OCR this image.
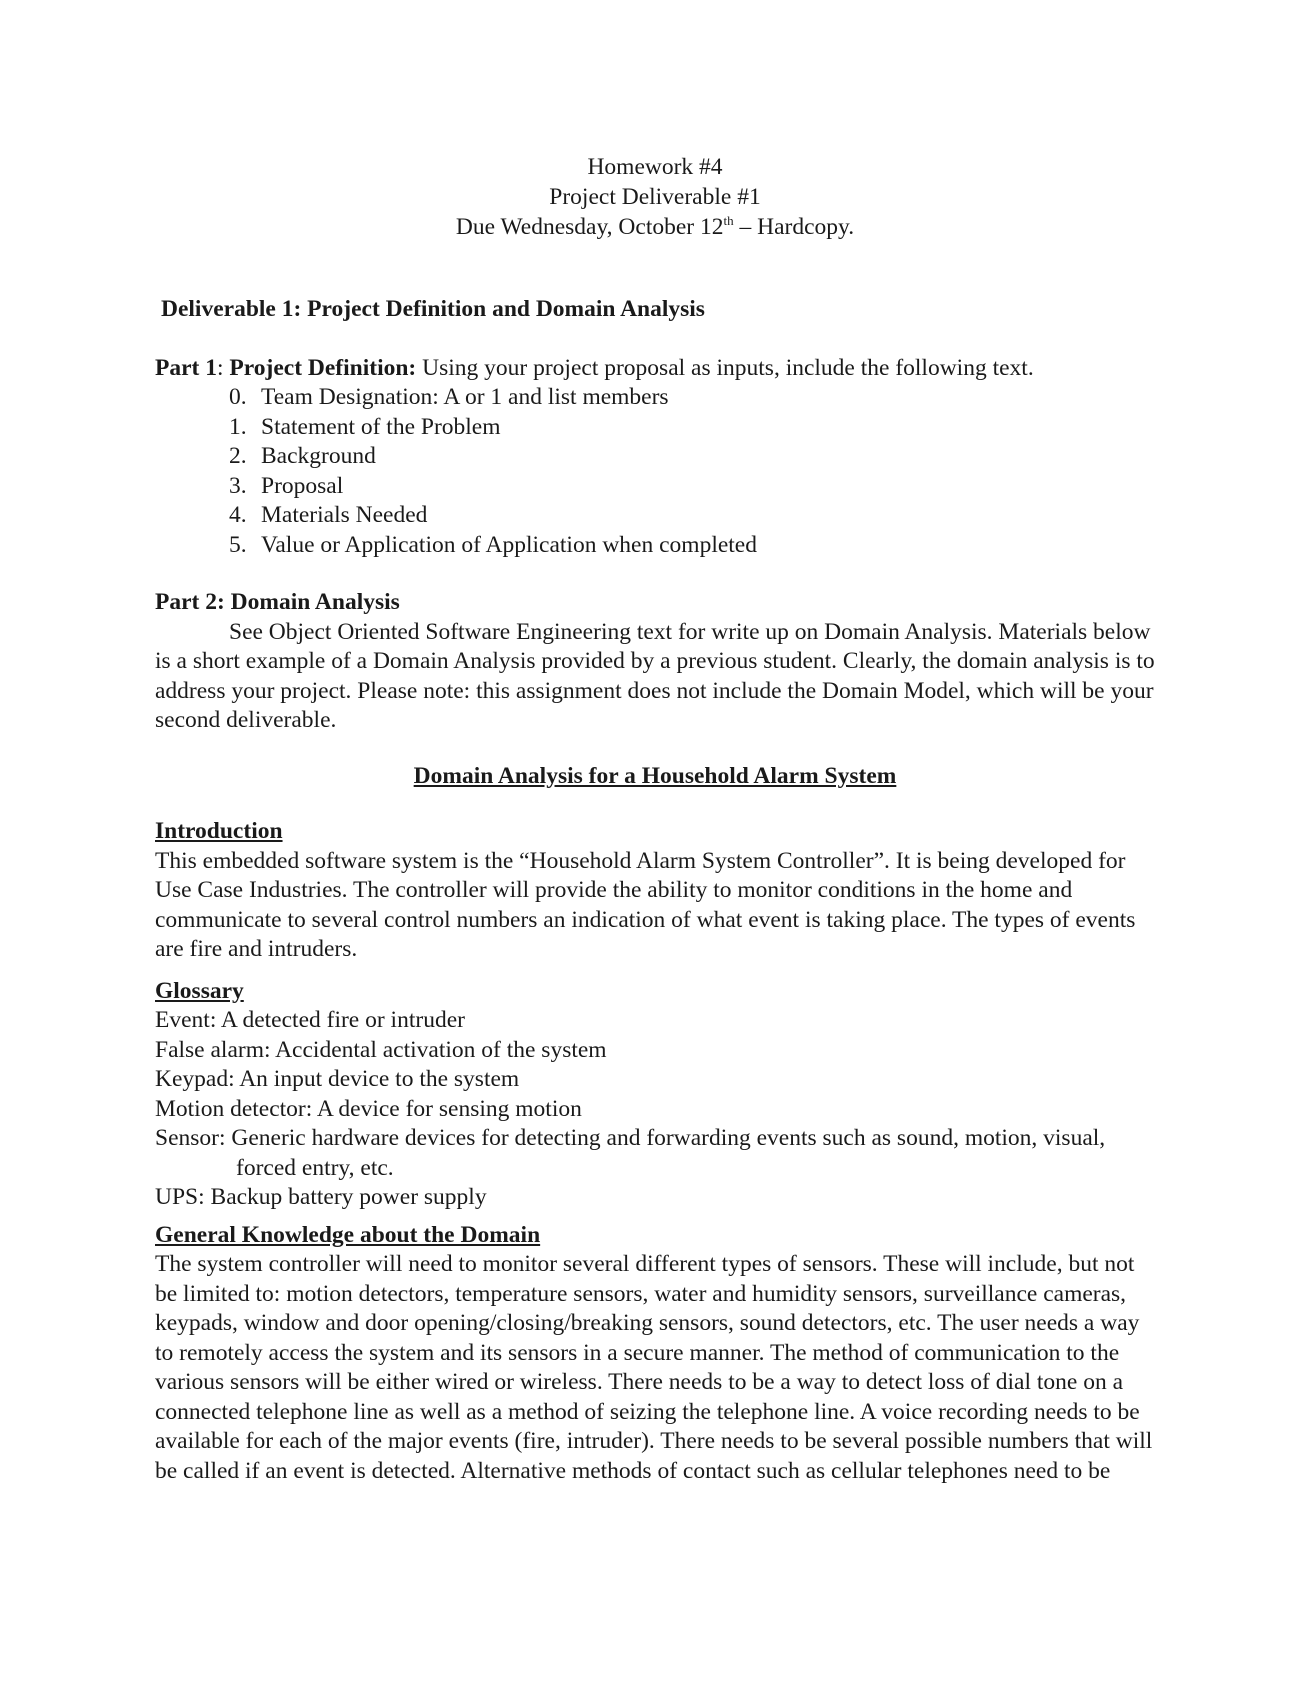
Homework #4
Project Deliverable #1
Due Wednesday, October 12th – Hardcopy.
Deliverable 1: Project Definition and Domain Analysis
Part 1: Project Definition: Using your project proposal as inputs, include the following text.
0. Team Designation: A or 1 and list members
1. Statement of the Problem
2. Background
3. Proposal
4. Materials Needed
5. Value or Application of Application when completed
Part 2: Domain Analysis

See Object Oriented Software Engineering text for write up on Domain Analysis. Materials below is a short example of a Domain Analysis provided by a previous student. Clearly, the domain analysis is to address your project. Please note: this assignment does not include the Domain Model, which will be your second deliverable.

Domain Analysis for a Household Alarm System
Introduction

This embedded software system is the “Household Alarm System Controller”. It is being developed for Use Case Industries. The controller will provide the ability to monitor conditions in the home and communicate to several control numbers an indication of what event is taking place. The types of events are fire and intruders.

Glossary
Event: A detected fire or intruder
False alarm: Accidental activation of the system
Keypad: An input device to the system
Motion detector: A device for sensing motion
Sensor: Generic hardware devices for detecting and forwarding events such as sound, motion, visual, forced entry, etc.
UPS: Backup battery power supply
General Knowledge about the Domain

The system controller will need to monitor several different types of sensors. These will include, but not be limited to: motion detectors, temperature sensors, water and humidity sensors, surveillance cameras, keypads, window and door opening/closing/breaking sensors, sound detectors, etc. The user needs a way to remotely access the system and its sensors in a secure manner. The method of communication to the various sensors will be either wired or wireless. There needs to be a way to detect loss of dial tone on a connected telephone line as well as a method of seizing the telephone line. A voice recording needs to be available for each of the major events (fire, intruder). There needs to be several possible numbers that will be called if an event is detected. Alternative methods of contact such as cellular telephones need to be
